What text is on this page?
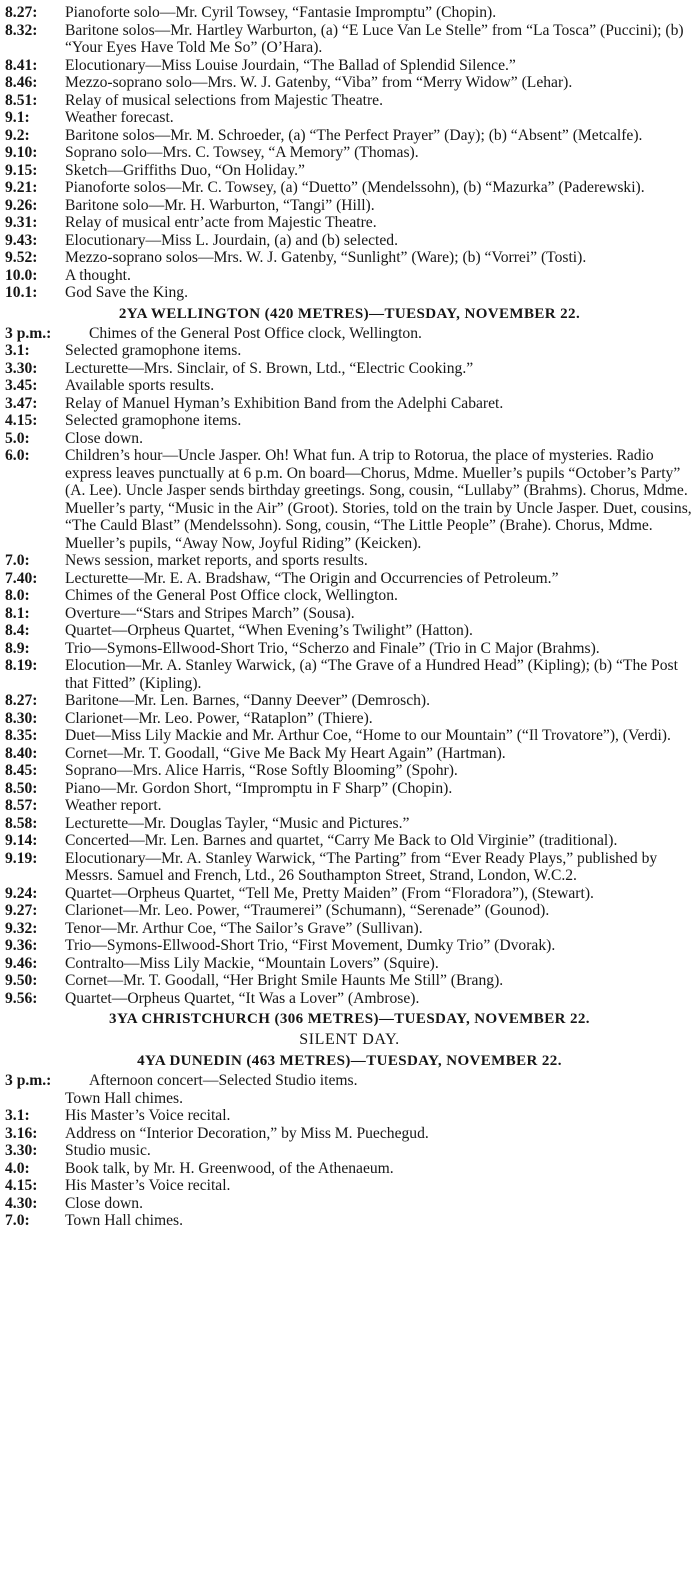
8.27: Pianoforte solo—Mr. Cyril Towsey, “Fantasie Impromptu” (Chopin).
8.32: Baritone solos—Mr. Hartley Warburton, (a) “E Luce Van Le Stelle” from “La Tosca” (Puccini); (b) “Your Eyes Have Told Me So” (O’Hara).
8.41: Elocutionary—Miss Louise Jourdain, “The Ballad of Splendid Silence.”
8.46: Mezzo-soprano solo—Mrs. W. J. Gatenby, “Viba” from “Merry Widow” (Lehar).
8.51: Relay of musical selections from Majestic Theatre.
9.1: Weather forecast.
9.2: Baritone solos—Mr. M. Schroeder, (a) “The Perfect Prayer” (Day); (b) “Absent” (Metcalfe).
9.10: Soprano solo—Mrs. C. Towsey, “A Memory” (Thomas).
9.15: Sketch—Griffiths Duo, “On Holiday.”
9.21: Pianoforte solos—Mr. C. Towsey, (a) “Duetto” (Mendelssohn), (b) “Mazurka” (Paderewski).
9.26: Baritone solo—Mr. H. Warburton, “Tangi” (Hill).
9.31: Relay of musical entr’acte from Majestic Theatre.
9.43: Elocutionary—Miss L. Jourdain, (a) and (b) selected.
9.52: Mezzo-soprano solos—Mrs. W. J. Gatenby, “Sunlight” (Ware); (b) “Vorrei” (Tosti).
10.0: A thought.
10.1: God Save the King.
2YA WELLINGTON (420 METRES)—TUESDAY, NOVEMBER 22.
3 p.m.: Chimes of the General Post Office clock, Wellington.
3.1: Selected gramophone items.
3.30: Lecturette—Mrs. Sinclair, of S. Brown, Ltd., “Electric Cooking.”
3.45: Available sports results.
3.47: Relay of Manuel Hyman’s Exhibition Band from the Adelphi Cabaret.
4.15: Selected gramophone items.
5.0: Close down.
6.0: Children’s hour—Uncle Jasper. Oh! What fun. A trip to Rotorua, the place of mysteries. Radio express leaves punctually at 6 p.m. On board—Chorus, Mdme. Mueller’s pupils “October’s Party” (A. Lee). Uncle Jasper sends birthday greetings. Song, cousin, “Lullaby” (Brahms). Chorus, Mdme. Mueller’s party, “Music in the Air” (Groot). Stories, told on the train by Uncle Jasper. Duet, cousins, “The Cauld Blast” (Mendelssohn). Song, cousin, “The Little People” (Brahe). Chorus, Mdme. Mueller’s pupils, “Away Now, Joyful Riding” (Keicken).
7.0: News session, market reports, and sports results.
7.40: Lecturette—Mr. E. A. Bradshaw, “The Origin and Occurrencies of Petroleum.”
8.0: Chimes of the General Post Office clock, Wellington.
8.1: Overture—“Stars and Stripes March” (Sousa).
8.4: Quartet—Orpheus Quartet, “When Evening’s Twilight” (Hatton).
8.9: Trio—Symons-Ellwood-Short Trio, “Scherzo and Finale” (Trio in C Major (Brahms).
8.19: Elocution—Mr. A. Stanley Warwick, (a) “The Grave of a Hundred Head” (Kipling); (b) “The Post that Fitted” (Kipling).
8.27: Baritone—Mr. Len. Barnes, “Danny Deever” (Demrosch).
8.30: Clarionet—Mr. Leo. Power, “Rataplon” (Thiere).
8.35: Duet—Miss Lily Mackie and Mr. Arthur Coe, “Home to our Mountain” (“Il Trovatore”), (Verdi).
8.40: Cornet—Mr. T. Goodall, “Give Me Back My Heart Again” (Hartman).
8.45: Soprano—Mrs. Alice Harris, “Rose Softly Blooming” (Spohr).
8.50: Piano—Mr. Gordon Short, “Impromptu in F Sharp” (Chopin).
8.57: Weather report.
8.58: Lecturette—Mr. Douglas Tayler, “Music and Pictures.”
9.14: Concerted—Mr. Len. Barnes and quartet, “Carry Me Back to Old Virginie” (traditional).
9.19: Elocutionary—Mr. A. Stanley Warwick, “The Parting” from “Ever Ready Plays,” published by Messrs. Samuel and French, Ltd., 26 Southampton Street, Strand, London, W.C.2.
9.24: Quartet—Orpheus Quartet, “Tell Me, Pretty Maiden” (From “Floradora”), (Stewart).
9.27: Clarionet—Mr. Leo. Power, “Traumerei” (Schumann), “Serenade” (Gounod).
9.32: Tenor—Mr. Arthur Coe, “The Sailor’s Grave” (Sullivan).
9.36: Trio—Symons-Ellwood-Short Trio, “First Movement, Dumky Trio” (Dvorak).
9.46: Contralto—Miss Lily Mackie, “Mountain Lovers” (Squire).
9.50: Cornet—Mr. T. Goodall, “Her Bright Smile Haunts Me Still” (Brang).
9.56: Quartet—Orpheus Quartet, “It Was a Lover” (Ambrose).
3YA CHRISTCHURCH (306 METRES)—TUESDAY, NOVEMBER 22.
SILENT DAY.
4YA DUNEDIN (463 METRES)—TUESDAY, NOVEMBER 22.
3 p.m.: Afternoon concert—Selected Studio items.
Town Hall chimes.
3.1: His Master’s Voice recital.
3.16: Address on “Interior Decoration,” by Miss M. Puechegud.
3.30: Studio music.
4.0: Book talk, by Mr. H. Greenwood, of the Athenaeum.
4.15: His Master’s Voice recital.
4.30: Close down.
7.0: Town Hall chimes.
